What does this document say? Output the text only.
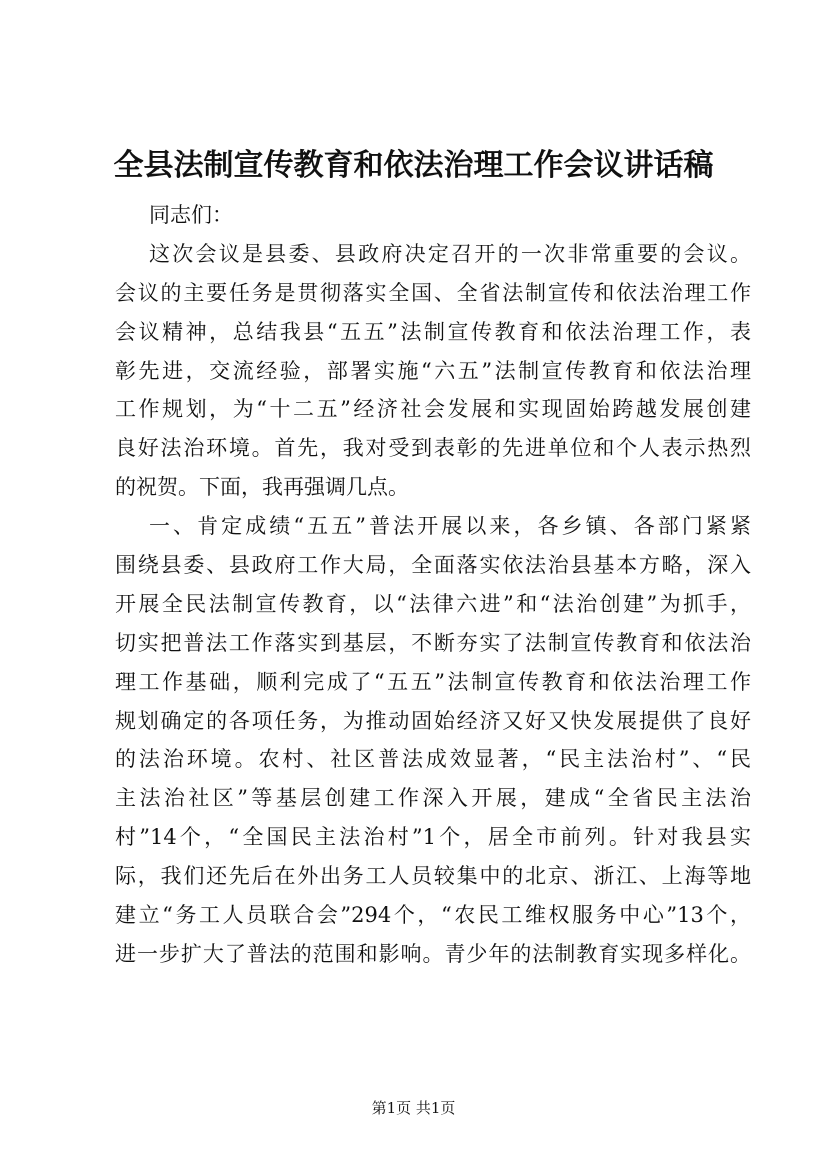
全县法制宣传教育和依法治理工作会议讲话稿
同志们：
这次会议是县委、县政府决定召开的一次非常重要的会议。
会议的主要任务是贯彻落实全国、全省法制宣传和依法治理工作
会议精神，总结我县“五五”法制宣传教育和依法治理工作，表
彰先进，交流经验，部署实施“六五”法制宣传教育和依法治理
工作规划，为“十二五”经济社会发展和实现固始跨越发展创建
良好法治环境。首先，我对受到表彰的先进单位和个人表示热烈
的祝贺。下面，我再强调几点。
一、肯定成绩“五五”普法开展以来，各乡镇、各部门紧紧
围绕县委、县政府工作大局，全面落实依法治县基本方略，深入
开展全民法制宣传教育，以“法律六进”和“法治创建”为抓手，
切实把普法工作落实到基层，不断夯实了法制宣传教育和依法治
理工作基础，顺利完成了“五五”法制宣传教育和依法治理工作
规划确定的各项任务，为推动固始经济又好又快发展提供了良好
的法治环境。农村、社区普法成效显著，“民主法治村”、“民
主法治社区”等基层创建工作深入开展，建成“全省民主法治
村”14个，“全国民主法治村”1个，居全市前列。针对我县实
际，我们还先后在外出务工人员较集中的北京、浙江、上海等地
建立“务工人员联合会”294个，“农民工维权服务中心”13个，
进一步扩大了普法的范围和影响。青少年的法制教育实现多样化。
第1页 共1页
